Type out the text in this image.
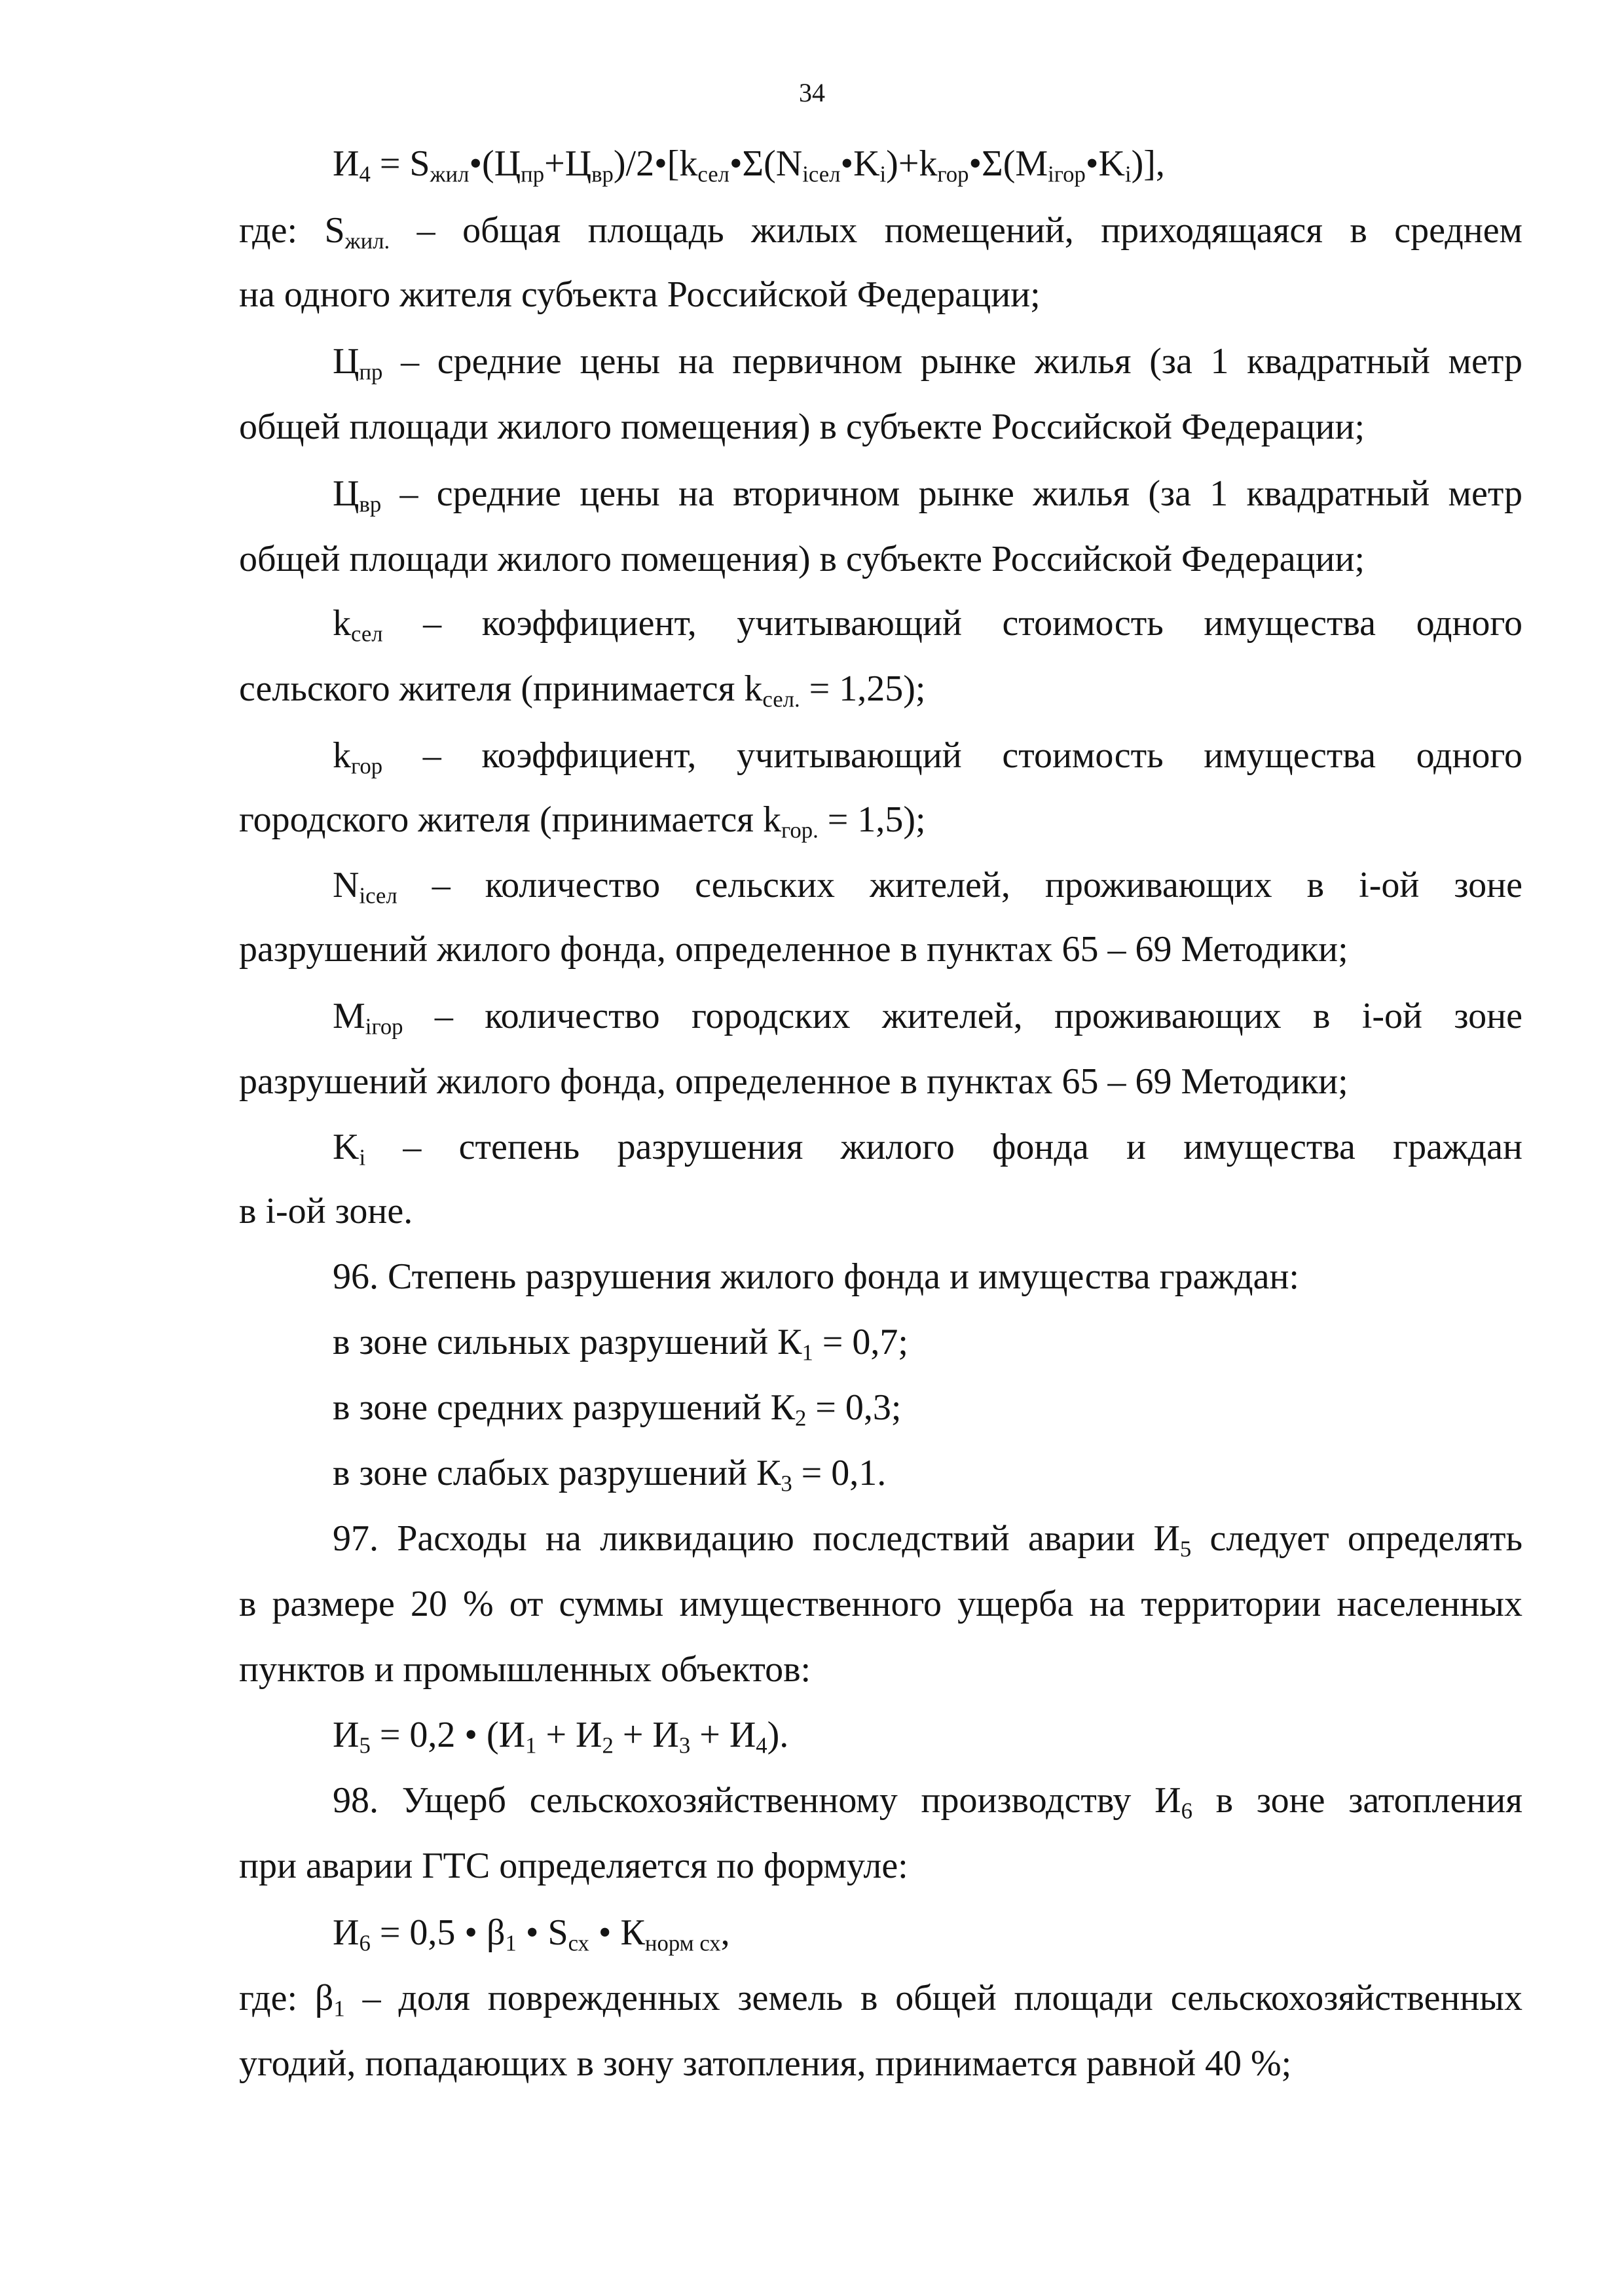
34
$И_4$ = $S_{жил}•(Ц_{пр}+Ц_{вр})/2•[k_{сел}•\Sigma(N_{iсел}•K_i)+k_{гор}•\Sigma(M_{iгор}•K_i)]$,
где: $S_{жил.}$ – общая площадь жилых помещений, приходящаяся в среднем
на одного жителя субъекта Российской Федерации;
$Ц_{пр}$ – средние цены на первичном рынке жилья (за 1 квадратный метр
общей площади жилого помещения) в субъекте Российской Федерации;
$Ц_{вр}$ – средние цены на вторичном рынке жилья (за 1 квадратный метр
общей площади жилого помещения) в субъекте Российской Федерации;
$k_{сел}$ – коэффициент, учитывающий стоимость имущества одного
сельского жителя (принимается $k_{сел.} = 1,25$);
$k_{гор}$ – коэффициент, учитывающий стоимость имущества одного
городского жителя (принимается $k_{гор.} = 1,5$);
$N_{iсел}$ – количество сельских жителей, проживающих в i-ой зоне
разрушений жилого фонда, определенное в пунктах 65 – 69 Методики;
$M_{iгор}$ – количество городских жителей, проживающих в i-ой зоне
разрушений жилого фонда, определенное в пунктах 65 – 69 Методики;
$K_i$ – степень разрушения жилого фонда и имущества граждан
в i-ой зоне.
96. Степень разрушения жилого фонда и имущества граждан:
в зоне сильных разрушений $К_1 = 0,7$;
в зоне средних разрушений $К_2 = 0,3$;
в зоне слабых разрушений $К_3 = 0,1$.
97. Расходы на ликвидацию последствий аварии $И_5$ следует определять
в размере 20 % от суммы имущественного ущерба на территории населенных
пунктов и промышленных объектов:
$И_5 = 0,2$ • $(И_1 + И_2 + И_3 + И_4)$.
98. Ущерб сельскохозяйственному производству $И_6$ в зоне затопления
при аварии ГТС определяется по формуле:
$И_6 = 0,5$ • $\beta_1$ • $S_{сх}$ • $К_{норм сх}$,
где: $\beta_1$ – доля поврежденных земель в общей площади сельскохозяйственных
угодий, попадающих в зону затопления, принимается равной 40 %;
